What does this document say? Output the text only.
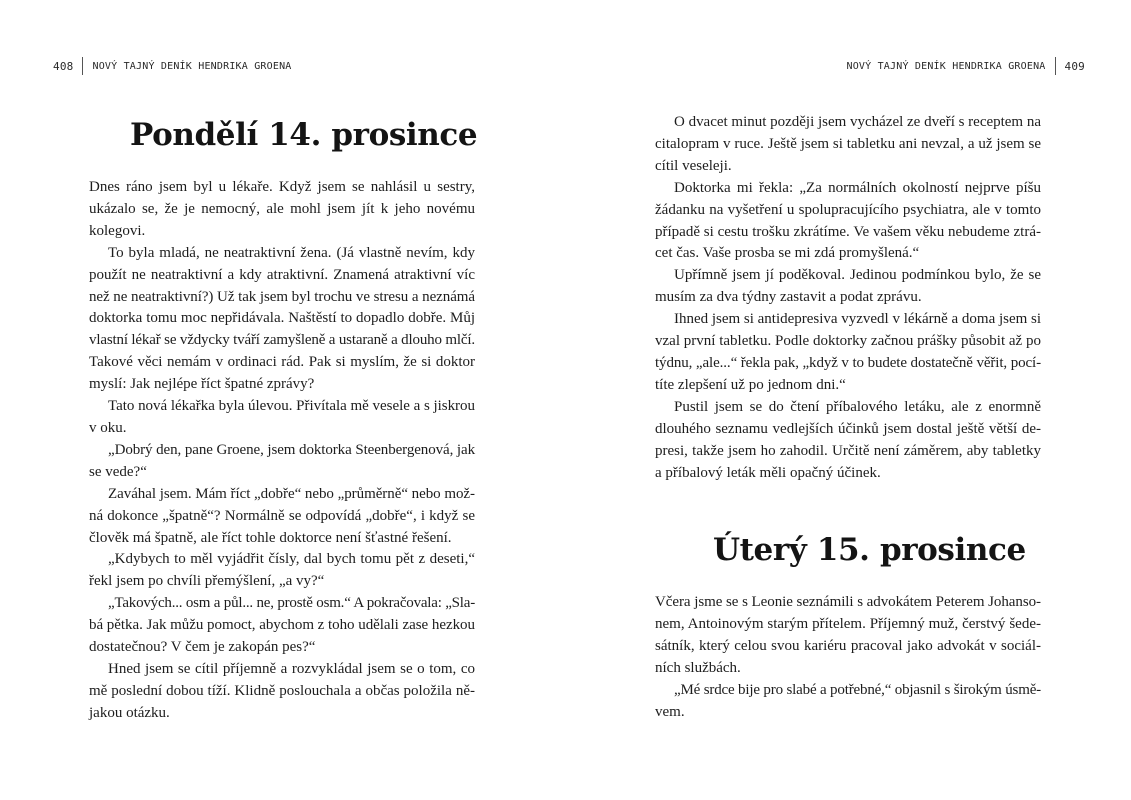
408 NOVÝ TAJNÝ DENÍK HENDRIKA GROENA
Pondělí 14. prosince
Dnes ráno jsem byl u lékaře. Když jsem se nahlásil u sestry,
ukázalo se, že je nemocný, ale mohl jsem jít k jeho novému
kolegovi.
To byla mladá, ne neatraktivní žena. (Já vlastně nevím, kdy
použít ne neatraktivní a kdy atraktivní. Znamená atraktivní víc
než ne neatraktivní?) Už tak jsem byl trochu ve stresu a neznámá
doktorka tomu moc nepřidávala. Naštěstí to dopadlo dobře. Můj
vlastní lékař se vždycky tváří zamyšleně a ustaraně a dlouho mlčí.
Takové věci nemám v ordinaci rád. Pak si myslím, že si doktor
myslí: Jak nejlépe říct špatné zprávy?
Tato nová lékařka byla úlevou. Přivítala mě vesele a s jiskrou
v oku.
„Dobrý den, pane Groene, jsem doktorka Steenbergenová, jak
se vede?“
Zaváhal jsem. Mám říct „dobře“ nebo „průměrně“ nebo mož-
ná dokonce „špatně“? Normálně se odpovídá „dobře“, i když se
člověk má špatně, ale říct tohle doktorce není šťastné řešení.
„Kdybych to měl vyjádřit čísly, dal bych tomu pět z deseti,“
řekl jsem po chvíli přemýšlení, „a vy?“
„Takových... osm a půl... ne, prostě osm.“ A pokračovala: „Sla-
bá pětka. Jak můžu pomoct, abychom z toho udělali zase hezkou
dostatečnou? V čem je zakopán pes?“
Hned jsem se cítil příjemně a rozvykládal jsem se o tom, co
mě poslední dobou tíží. Klidně poslouchala a občas položila ně-
jakou otázku.
NOVÝ TAJNÝ DENÍK HENDRIKA GROENA 409
O dvacet minut později jsem vycházel ze dveří s receptem na
citalopram v ruce. Ještě jsem si tabletku ani nevzal, a už jsem se
cítil veseleji.
Doktorka mi řekla: „Za normálních okolností nejprve píšu
žádanku na vyšetření u spolupracujícího psychiatra, ale v tomto
případě si cestu trošku zkrátíme. Ve vašem věku nebudeme ztrá-
cet čas. Vaše prosba se mi zdá promyšlená.“
Upřímně jsem jí poděkoval. Jedinou podmínkou bylo, že se
musím za dva týdny zastavit a podat zprávu.
Ihned jsem si antidepresiva vyzvedl v lékárně a doma jsem si
vzal první tabletku. Podle doktorky začnou prášky působit až po
týdnu, „ale...“ řekla pak, „když v to budete dostatečně věřit, pocí-
títe zlepšení už po jednom dni.“
Pustil jsem se do čtení příbalového letáku, ale z enormně
dlouhého seznamu vedlejších účinků jsem dostal ještě větší de-
presi, takže jsem ho zahodil. Určitě není záměrem, aby tabletky
a příbalový leták měli opačný účinek.
Úterý 15. prosince
Včera jsme se s Leonie seznámili s advokátem Peterem Johanso-
nem, Antoinovým starým přítelem. Příjemný muž, čerstvý šede-
sátník, který celou svou kariéru pracoval jako advokát v sociál-
ních službách.
„Mé srdce bije pro slabé a potřebné,“ objasnil s širokým úsmě-
vem.
